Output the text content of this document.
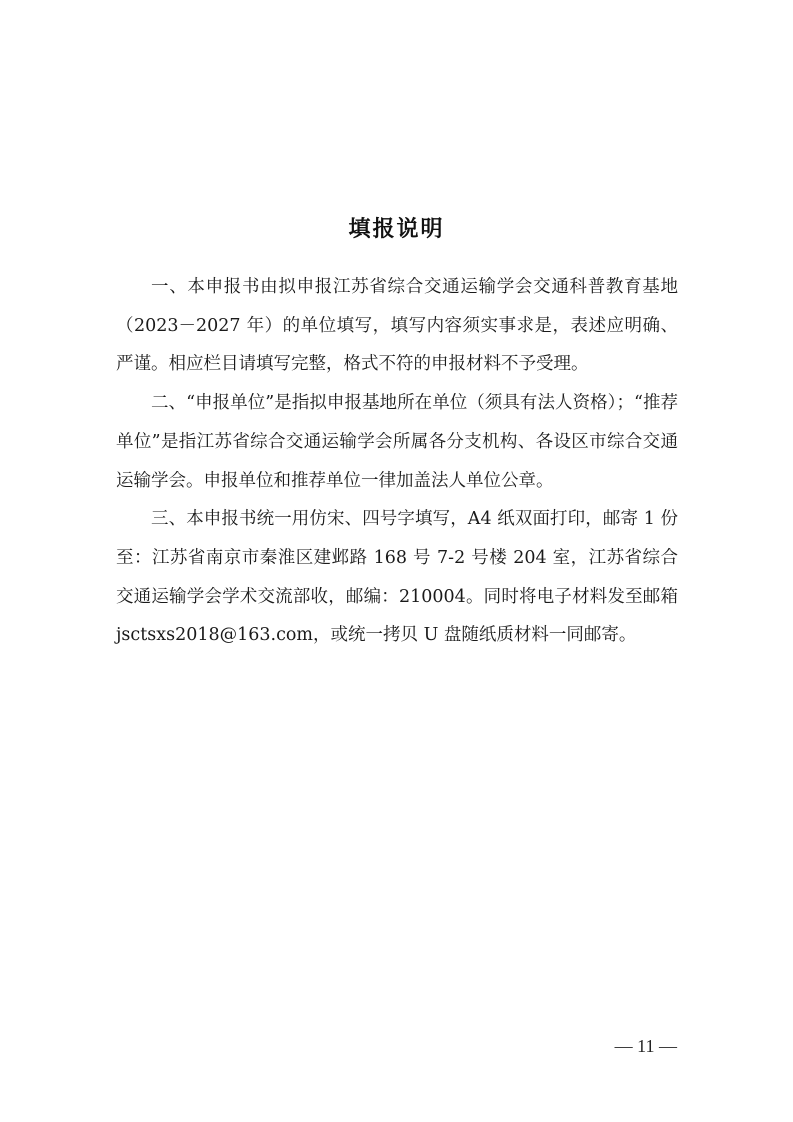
填报说明

一、本申报书由拟申报江苏省综合交通运输学会交通科普教育基地（2023－2027 年）的单位填写，填写内容须实事求是，表述应明确、严谨。相应栏目请填写完整，格式不符的申报材料不予受理。

二、“申报单位”是指拟申报基地所在单位（须具有法人资格）；“推荐单位”是指江苏省综合交通运输学会所属各分支机构、各设区市综合交通运输学会。申报单位和推荐单位一律加盖法人单位公章。

三、本申报书统一用仿宋、四号字填写，A4 纸双面打印，邮寄 1 份至：江苏省南京市秦淮区建邺路 168 号 7-2 号楼 204 室，江苏省综合交通运输学会学术交流部收，邮编：210004。同时将电子材料发至邮箱 jsctsxs2018@163.com，或统一拷贝 U 盘随纸质材料一同邮寄。

— 11 —
